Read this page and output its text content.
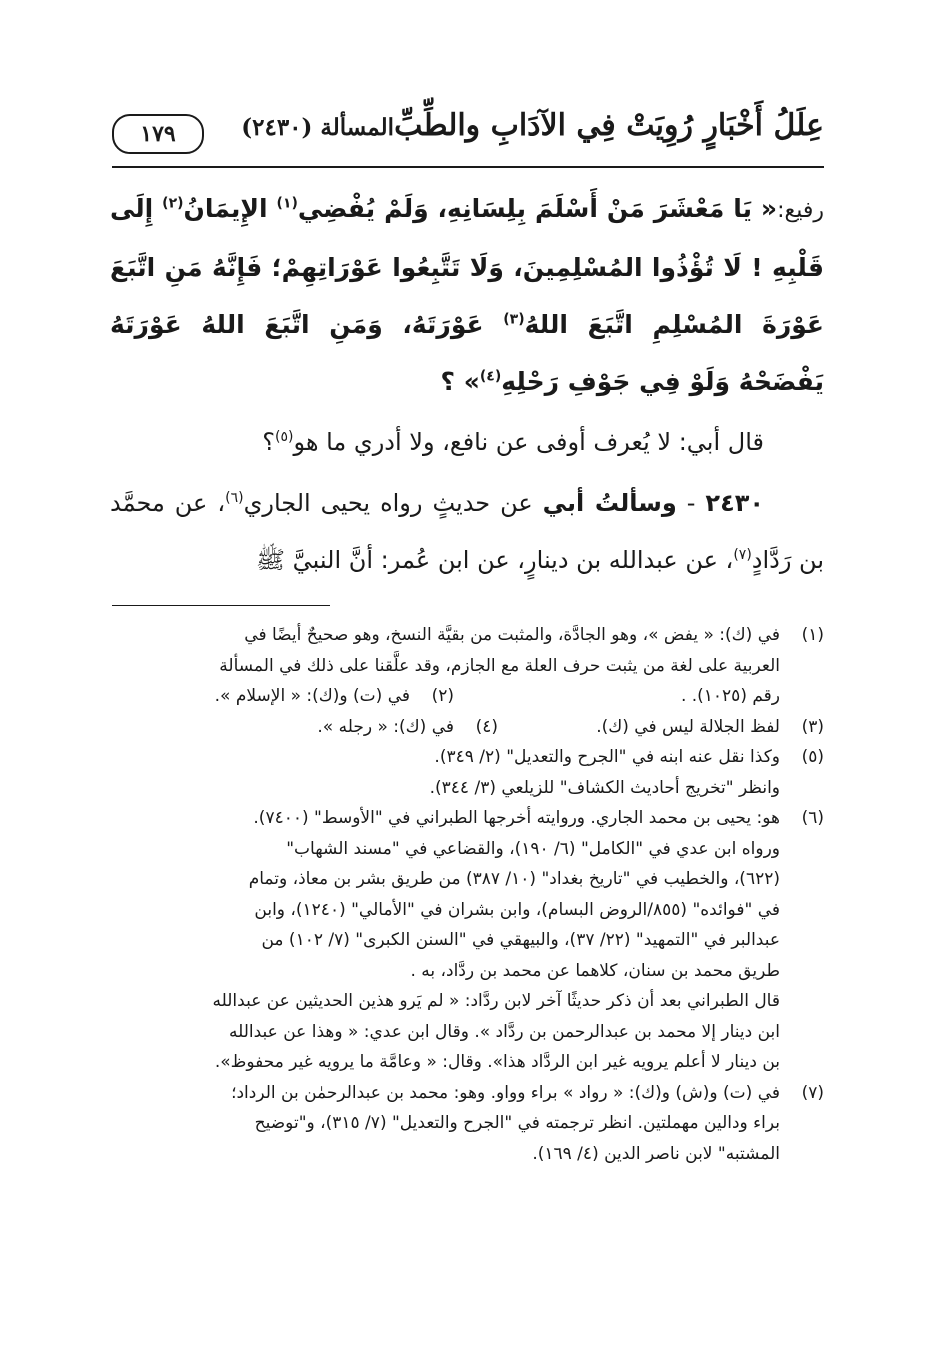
عِلَلُ أَخْبَارٍ رُوِيَتْ فِي الآدَابِ والطِّبِّ
المسألة (٢٤٣٠)
١٧٩

رفيع:« يَا مَعْشَرَ مَنْ أَسْلَمَ بِلِسَانِهِ، وَلَمْ يُفْضِي$^{(١)}$ الإِيمَانُ$^{(٢)}$ إِلَى قَلْبِهِ ! لَا تُؤْذُوا المُسْلِمِينَ، وَلَا تَتَّبِعُوا عَوْرَاتِهِمْ؛ فَإِنَّهُ مَنِ اتَّبَعَ عَوْرَةَ المُسْلِمِ اتَّبَعَ اللهُ$^{(٣)}$ عَوْرَتَهُ، وَمَنِ اتَّبَعَ اللهُ عَوْرَتَهُ يَفْضَحْهُ وَلَوْ فِي جَوْفِ رَحْلِهِ$^{(٤)}$» ؟

قال أبي: لا يُعرف أوفى عن نافع، ولا أدري ما هو$^{(٥)}$؟

٢٤٣٠ - وسألتُ أبي عن حديثٍ رواه يحيى الجاري$^{(٦)}$، عن محمَّد بن رَدَّادٍ$^{(٧)}$، عن عبدالله بن دينارٍ، عن ابن عُمر: أنَّ النبيَّ ﷺ

(١)
في (ك): « يفض »، وهو الجادَّة، والمثبت من بقيَّة النسخ، وهو صحيحٌ أيضًا في
العربية على لغة من يثبت حرف العلة مع الجازم، وقد علَّقنا على ذلك في المسألة
رقم (١٠٢٥). .
(٢)
في (ت) و(ك): « الإسلام ».
(٣)
لفظ الجلالة ليس في (ك).
(٤)
في (ك): « رجله ».
(٥)
وكذا نقل عنه ابنه في "الجرح والتعديل" (٢/ ٣٤٩).
وانظر "تخريج أحاديث الكشاف" للزيلعي (٣/ ٣٤٤).
(٦)
هو: يحيى بن محمد الجاري. وروايته أخرجها الطبراني في "الأوسط" (٧٤٠٠).
ورواه ابن عدي في "الكامل" (٦/ ١٩٠)، والقضاعي في "مسند الشهاب"
(٦٢٢)، والخطيب في "تاريخ بغداد" (١٠/ ٣٨٧) من طريق بشر بن معاذ، وتمام
في "فوائده" (٨٥٥/الروض البسام)، وابن بشران في "الأمالي" (١٢٤٠)، وابن
عبدالبر في "التمهيد" (٢٢/ ٣٧)، والبيهقي في "السنن الكبرى" (٧/ ١٠٢) من
طريق محمد بن سنان، كلاهما عن محمد بن ردَّاد، به .
قال الطبراني بعد أن ذكر حديثًا آخر لابن ردَّاد: « لم يَرو هذين الحديثين عن عبدالله
ابن دينار إلا محمد بن عبدالرحمن بن ردَّاد ». وقال ابن عدي: « وهذا عن عبدالله
بن دينار لا أعلم يرويه غير ابن الردَّاد هذا». وقال: « وعامَّة ما يرويه غير محفوظ».
(٧)
في (ت) و(ش) و(ك): « رواد » براء وواو. وهو: محمد بن عبدالرحمٰن بن الرداد؛
براء ودالين مهملتين. انظر ترجمته في "الجرح والتعديل" (٧/ ٣١٥)، و"توضيح
المشتبه" لابن ناصر الدين (٤/ ١٦٩).
